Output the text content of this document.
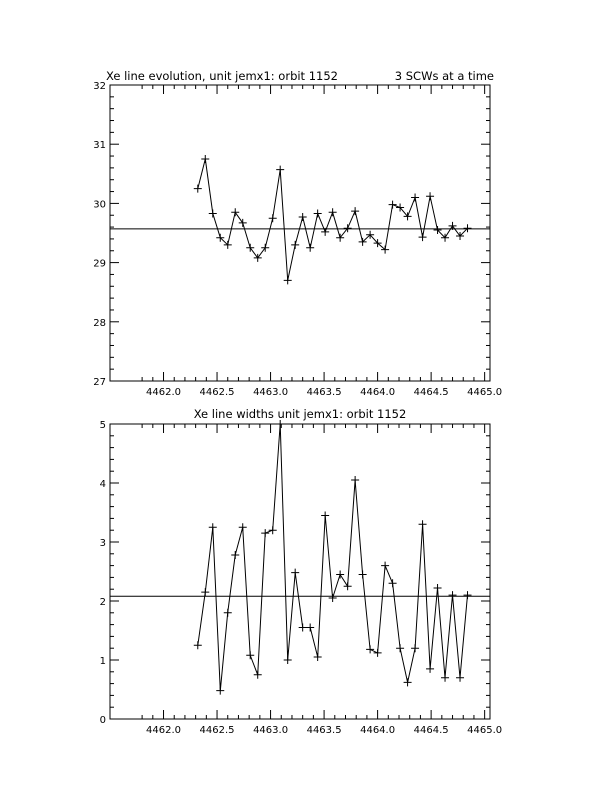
Xe line evolution, unit jemx1: orbit 1152	3 SCWs at a time
Xe line widths unit jemx1: orbit 1152
4462.0 4462.5 4463.0 4463.5 4464.0 4464.5 4465.0
27
28
29
30
31
32
4462.0 4462.5 4463.0 4463.5 4464.0 4464.5 4465.0
0
1
2
3
4
5
